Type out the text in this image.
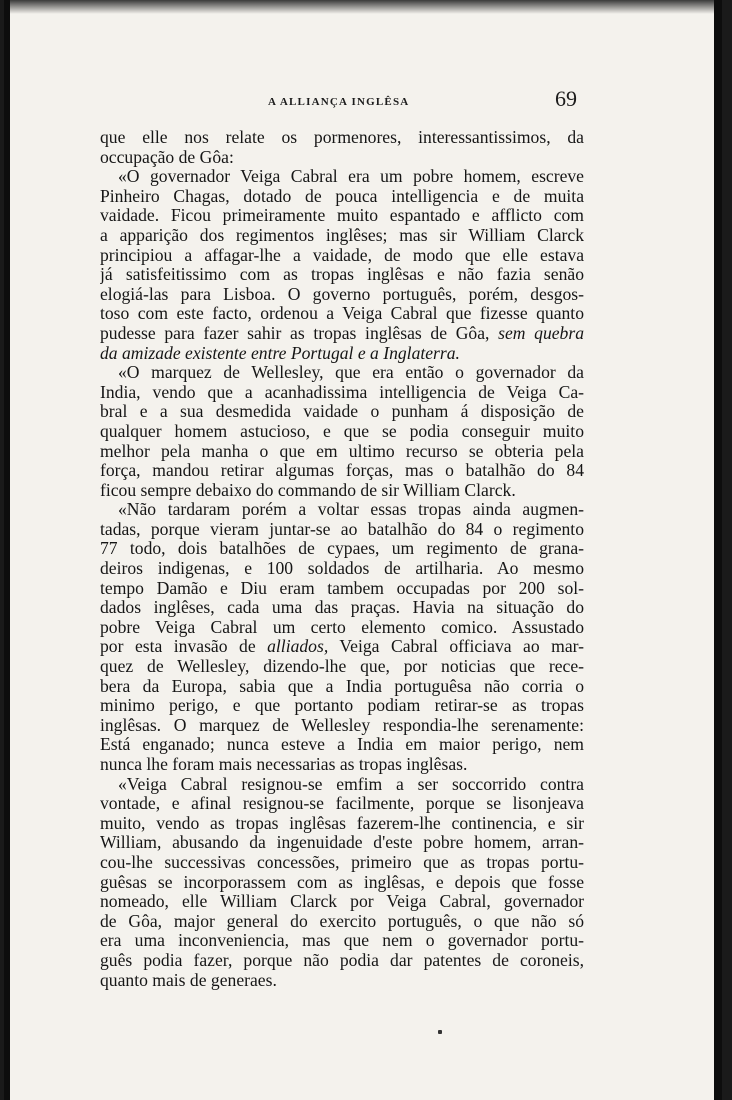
A ALLIANÇA INGLÊSA	69
que elle nos relate os pormenores, interessantissimos, da
occupação de Gôa:
«O governador Veiga Cabral era um pobre homem, escreve
Pinheiro Chagas, dotado de pouca intelligencia e de muita
vaidade. Ficou primeiramente muito espantado e afflicto com
a apparição dos regimentos inglêses; mas sir William Clarck
principiou a affagar-lhe a vaidade, de modo que elle estava
já satisfeitissimo com as tropas inglêsas e não fazia senão
elogiá-las para Lisboa. O governo português, porém, desgos-
toso com este facto, ordenou a Veiga Cabral que fizesse quanto
pudesse para fazer sahir as tropas inglêsas de Gôa, sem quebra
da amizade existente entre Portugal e a Inglaterra.
«O marquez de Wellesley, que era então o governador da
India, vendo que a acanhadissima intelligencia de Veiga Ca-
bral e a sua desmedida vaidade o punham á disposição de
qualquer homem astucioso, e que se podia conseguir muito
melhor pela manha o que em ultimo recurso se obteria pela
força, mandou retirar algumas forças, mas o batalhão do 84
ficou sempre debaixo do commando de sir William Clarck.
«Não tardaram porém a voltar essas tropas ainda augmen-
tadas, porque vieram juntar-se ao batalhão do 84 o regimento
77 todo, dois batalhões de cypaes, um regimento de grana-
deiros indigenas, e 100 soldados de artilharia. Ao mesmo
tempo Damão e Diu eram tambem occupadas por 200 sol-
dados inglêses, cada uma das praças. Havia na situação do
pobre Veiga Cabral um certo elemento comico. Assustado
por esta invasão de alliados, Veiga Cabral officiava ao mar-
quez de Wellesley, dizendo-lhe que, por noticias que rece-
bera da Europa, sabia que a India portuguêsa não corria o
minimo perigo, e que portanto podiam retirar-se as tropas
inglêsas. O marquez de Wellesley respondia-lhe serenamente:
Está enganado; nunca esteve a India em maior perigo, nem
nunca lhe foram mais necessarias as tropas inglêsas.
«Veiga Cabral resignou-se emfim a ser soccorrido contra
vontade, e afinal resignou-se facilmente, porque se lisonjeava
muito, vendo as tropas inglêsas fazerem-lhe continencia, e sir
William, abusando da ingenuidade d'este pobre homem, arran-
cou-lhe successivas concessões, primeiro que as tropas portu-
guêsas se incorporassem com as inglêsas, e depois que fosse
nomeado, elle William Clarck por Veiga Cabral, governador
de Gôa, major general do exercito português, o que não só
era uma inconveniencia, mas que nem o governador portu-
guês podia fazer, porque não podia dar patentes de coroneis,
quanto mais de generaes.
